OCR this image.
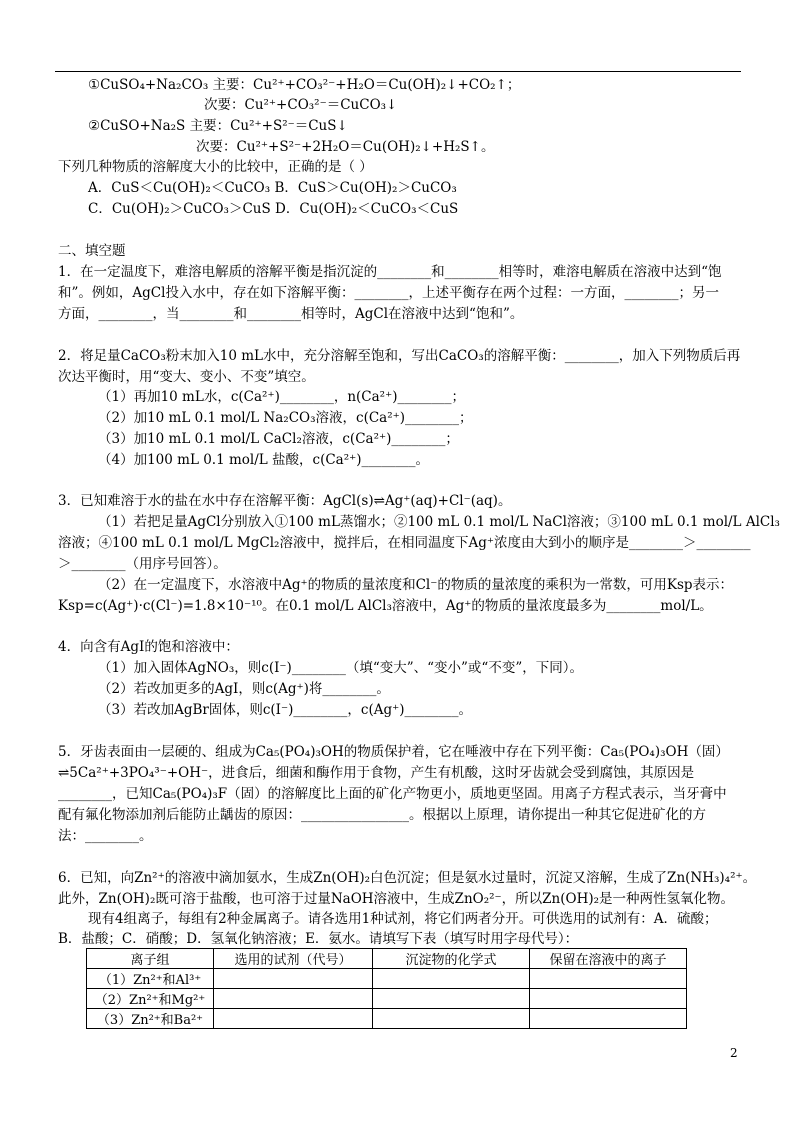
①CuSO₄+Na₂CO₃ 主要：Cu²⁺+CO₃²⁻+H₂O＝Cu(OH)₂↓+CO₂↑；
次要：Cu²⁺+CO₃²⁻＝CuCO₃↓
②CuSO+Na₂S 主要：Cu²⁺+S²⁻＝CuS↓
次要：Cu²⁺+S²⁻+2H₂O＝Cu(OH)₂↓+H₂S↑。
下列几种物质的溶解度大小的比较中，正确的是（ ）
A．CuS＜Cu(OH)₂＜CuCO₃ B．CuS＞Cu(OH)₂＞CuCO₃
C．Cu(OH)₂＞CuCO₃＞CuS D．Cu(OH)₂＜CuCO₃＜CuS
二、填空题
1．在一定温度下，难溶电解质的溶解平衡是指沉淀的________和________相等时，难溶电解质在溶液中达到“饱
和”。例如，AgCl投入水中，存在如下溶解平衡：________，上述平衡存在两个过程：一方面，________；另一
方面，________，当________和________相等时，AgCl在溶液中达到“饱和”。
2．将足量CaCO₃粉末加入10 mL水中，充分溶解至饱和，写出CaCO₃的溶解平衡：________，加入下列物质后再
次达平衡时，用“变大、变小、不变”填空。
（1）再加10 mL水，c(Ca²⁺)________，n(Ca²⁺)________；
（2）加10 mL 0.1 mol/L Na₂CO₃溶液，c(Ca²⁺)________；
（3）加10 mL 0.1 mol/L CaCl₂溶液，c(Ca²⁺)________；
（4）加100 mL 0.1 mol/L 盐酸，c(Ca²⁺)________。
3．已知难溶于水的盐在水中存在溶解平衡：AgCl(s)⇌Ag⁺(aq)+Cl⁻(aq)。
（1）若把足量AgCl分别放入①100 mL蒸馏水；②100 mL 0.1 mol/L NaCl溶液；③100 mL 0.1 mol/L AlCl₃
溶液；④100 mL 0.1 mol/L MgCl₂溶液中，搅拌后，在相同温度下Ag⁺浓度由大到小的顺序是________＞________
＞________（用序号回答）。
（2）在一定温度下，水溶液中Ag⁺的物质的量浓度和Cl⁻的物质的量浓度的乘积为一常数，可用Ksp表示：
Ksp=c(Ag⁺)·c(Cl⁻)=1.8×10⁻¹⁰。在0.1 mol/L AlCl₃溶液中，Ag⁺的物质的量浓度最多为________mol/L。
4．向含有AgI的饱和溶液中：
（1）加入固体AgNO₃，则c(I⁻)________（填“变大”、“变小”或“不变”，下同）。
（2）若改加更多的AgI，则c(Ag⁺)将________。
（3）若改加AgBr固体，则c(I⁻)________，c(Ag⁺)________。
5．牙齿表面由一层硬的、组成为Ca₅(PO₄)₃OH的物质保护着，它在唾液中存在下列平衡：Ca₅(PO₄)₃OH（固）
⇌5Ca²⁺+3PO₄³⁻+OH⁻，进食后，细菌和酶作用于食物，产生有机酸，这时牙齿就会受到腐蚀，其原因是
________，已知Ca₅(PO₄)₃F（固）的溶解度比上面的矿化产物更小，质地更坚固。用离子方程式表示，当牙膏中
配有氟化物添加剂后能防止龋齿的原因：________________。根据以上原理，请你提出一种其它促进矿化的方
法：________。
6．已知，向Zn²⁺的溶液中滴加氨水，生成Zn(OH)₂白色沉淀；但是氨水过量时，沉淀又溶解，生成了Zn(NH₃)₄²⁺。
此外，Zn(OH)₂既可溶于盐酸，也可溶于过量NaOH溶液中，生成ZnO₂²⁻，所以Zn(OH)₂是一种两性氢氧化物。
现有4组离子，每组有2种金属离子。请各选用1种试剂，将它们两者分开。可供选用的试剂有：A．硫酸；
B．盐酸；C．硝酸；D．氢氧化钠溶液；E．氨水。请填写下表（填写时用字母代号）：
离子组	选用的试剂（代号）	沉淀物的化学式	保留在溶液中的离子
（1）Zn²⁺和Al³⁺			
（2）Zn²⁺和Mg²⁺			
（3）Zn²⁺和Ba²⁺			
2
